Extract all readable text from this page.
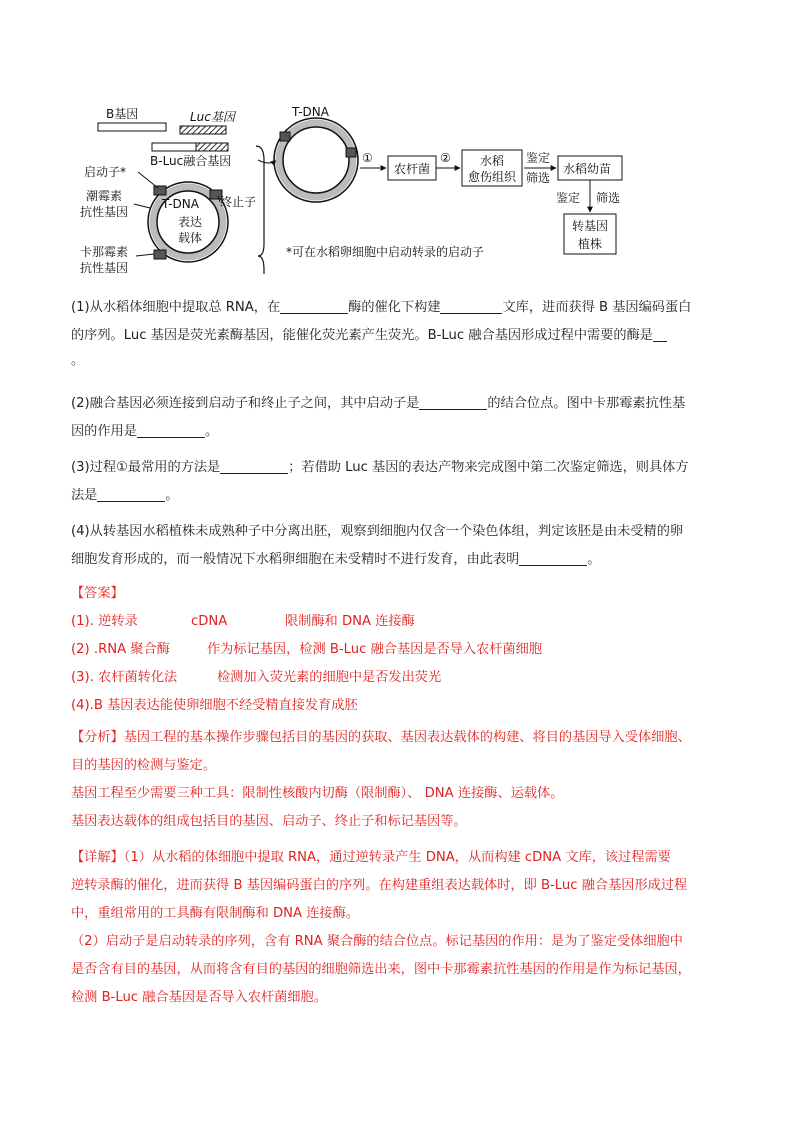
B基因	Luc基因
B-Luc融合基因
T-DNA
表达
载体
启动子*
潮霉素
抗性基因
卡那霉素
抗性基因
终止子
*可在水稻卵细胞中启动转录的启动子
T-DNA
①
农杆菌
② 水稻
愈伤组织
鉴定
筛选
水稻幼苗
鉴定 筛选
转基因
植株
(1)从水稻体细胞中提取总 RNA，在	酶的催化下构建	文库，进而获得 B 基因编码蛋白
的序列。Luc 基因是荧光素酶基因，能催化荧光素产生荧光。B-Luc 融合基因形成过程中需要的酶是
。
(2)融合基因必须连接到启动子和终止子之间，其中启动子是	的结合位点。图中卡那霉素抗性基
因的作用是	。
(3)过程①最常用的方法是	；若借助 Luc 基因的表达产物来完成图中第二次鉴定筛选，则具体方
法是	。
(4)从转基因水稻植株未成熟种子中分离出胚，观察到细胞内仅含一个染色体组，判定该胚是由未受精的卵
细胞发育形成的，而一般情况下水稻卵细胞在未受精时不进行发育，由此表明	。
【答案】
(1). 逆转录	cDNA	限制酶和 DNA 连接酶
(2) .RNA 聚合酶	作为标记基因，检测 B-Luc 融合基因是否导入农杆菌细胞
(3). 农杆菌转化法	检测加入荧光素的细胞中是否发出荧光
(4).B 基因表达能使卵细胞不经受精直接发育成胚
【分析】基因工程的基本操作步骤包括目的基因的获取、基因表达载体的构建、将目的基因导入受体细胞、
目的基因的检测与鉴定。
基因工程至少需要三种工具：限制性核酸内切酶（限制酶）、 DNA 连接酶、运载体。
基因表达载体的组成包括目的基因、启动子、终止子和标记基因等。
【详解】（1）从水稻的体细胞中提取 RNA，通过逆转录产生 DNA，从而构建 cDNA 文库，该过程需要
逆转录酶的催化，进而获得 B 基因编码蛋白的序列。在构建重组表达载体时，即 B-Luc 融合基因形成过程
中，重组常用的工具酶有限制酶和 DNA 连接酶。
（2）启动子是启动转录的序列，含有 RNA 聚合酶的结合位点。标记基因的作用：是为了鉴定受体细胞中
是否含有目的基因，从而将含有目的基因的细胞筛选出来，图中卡那霉素抗性基因的作用是作为标记基因，
检测 B-Luc 融合基因是否导入农杆菌细胞。
